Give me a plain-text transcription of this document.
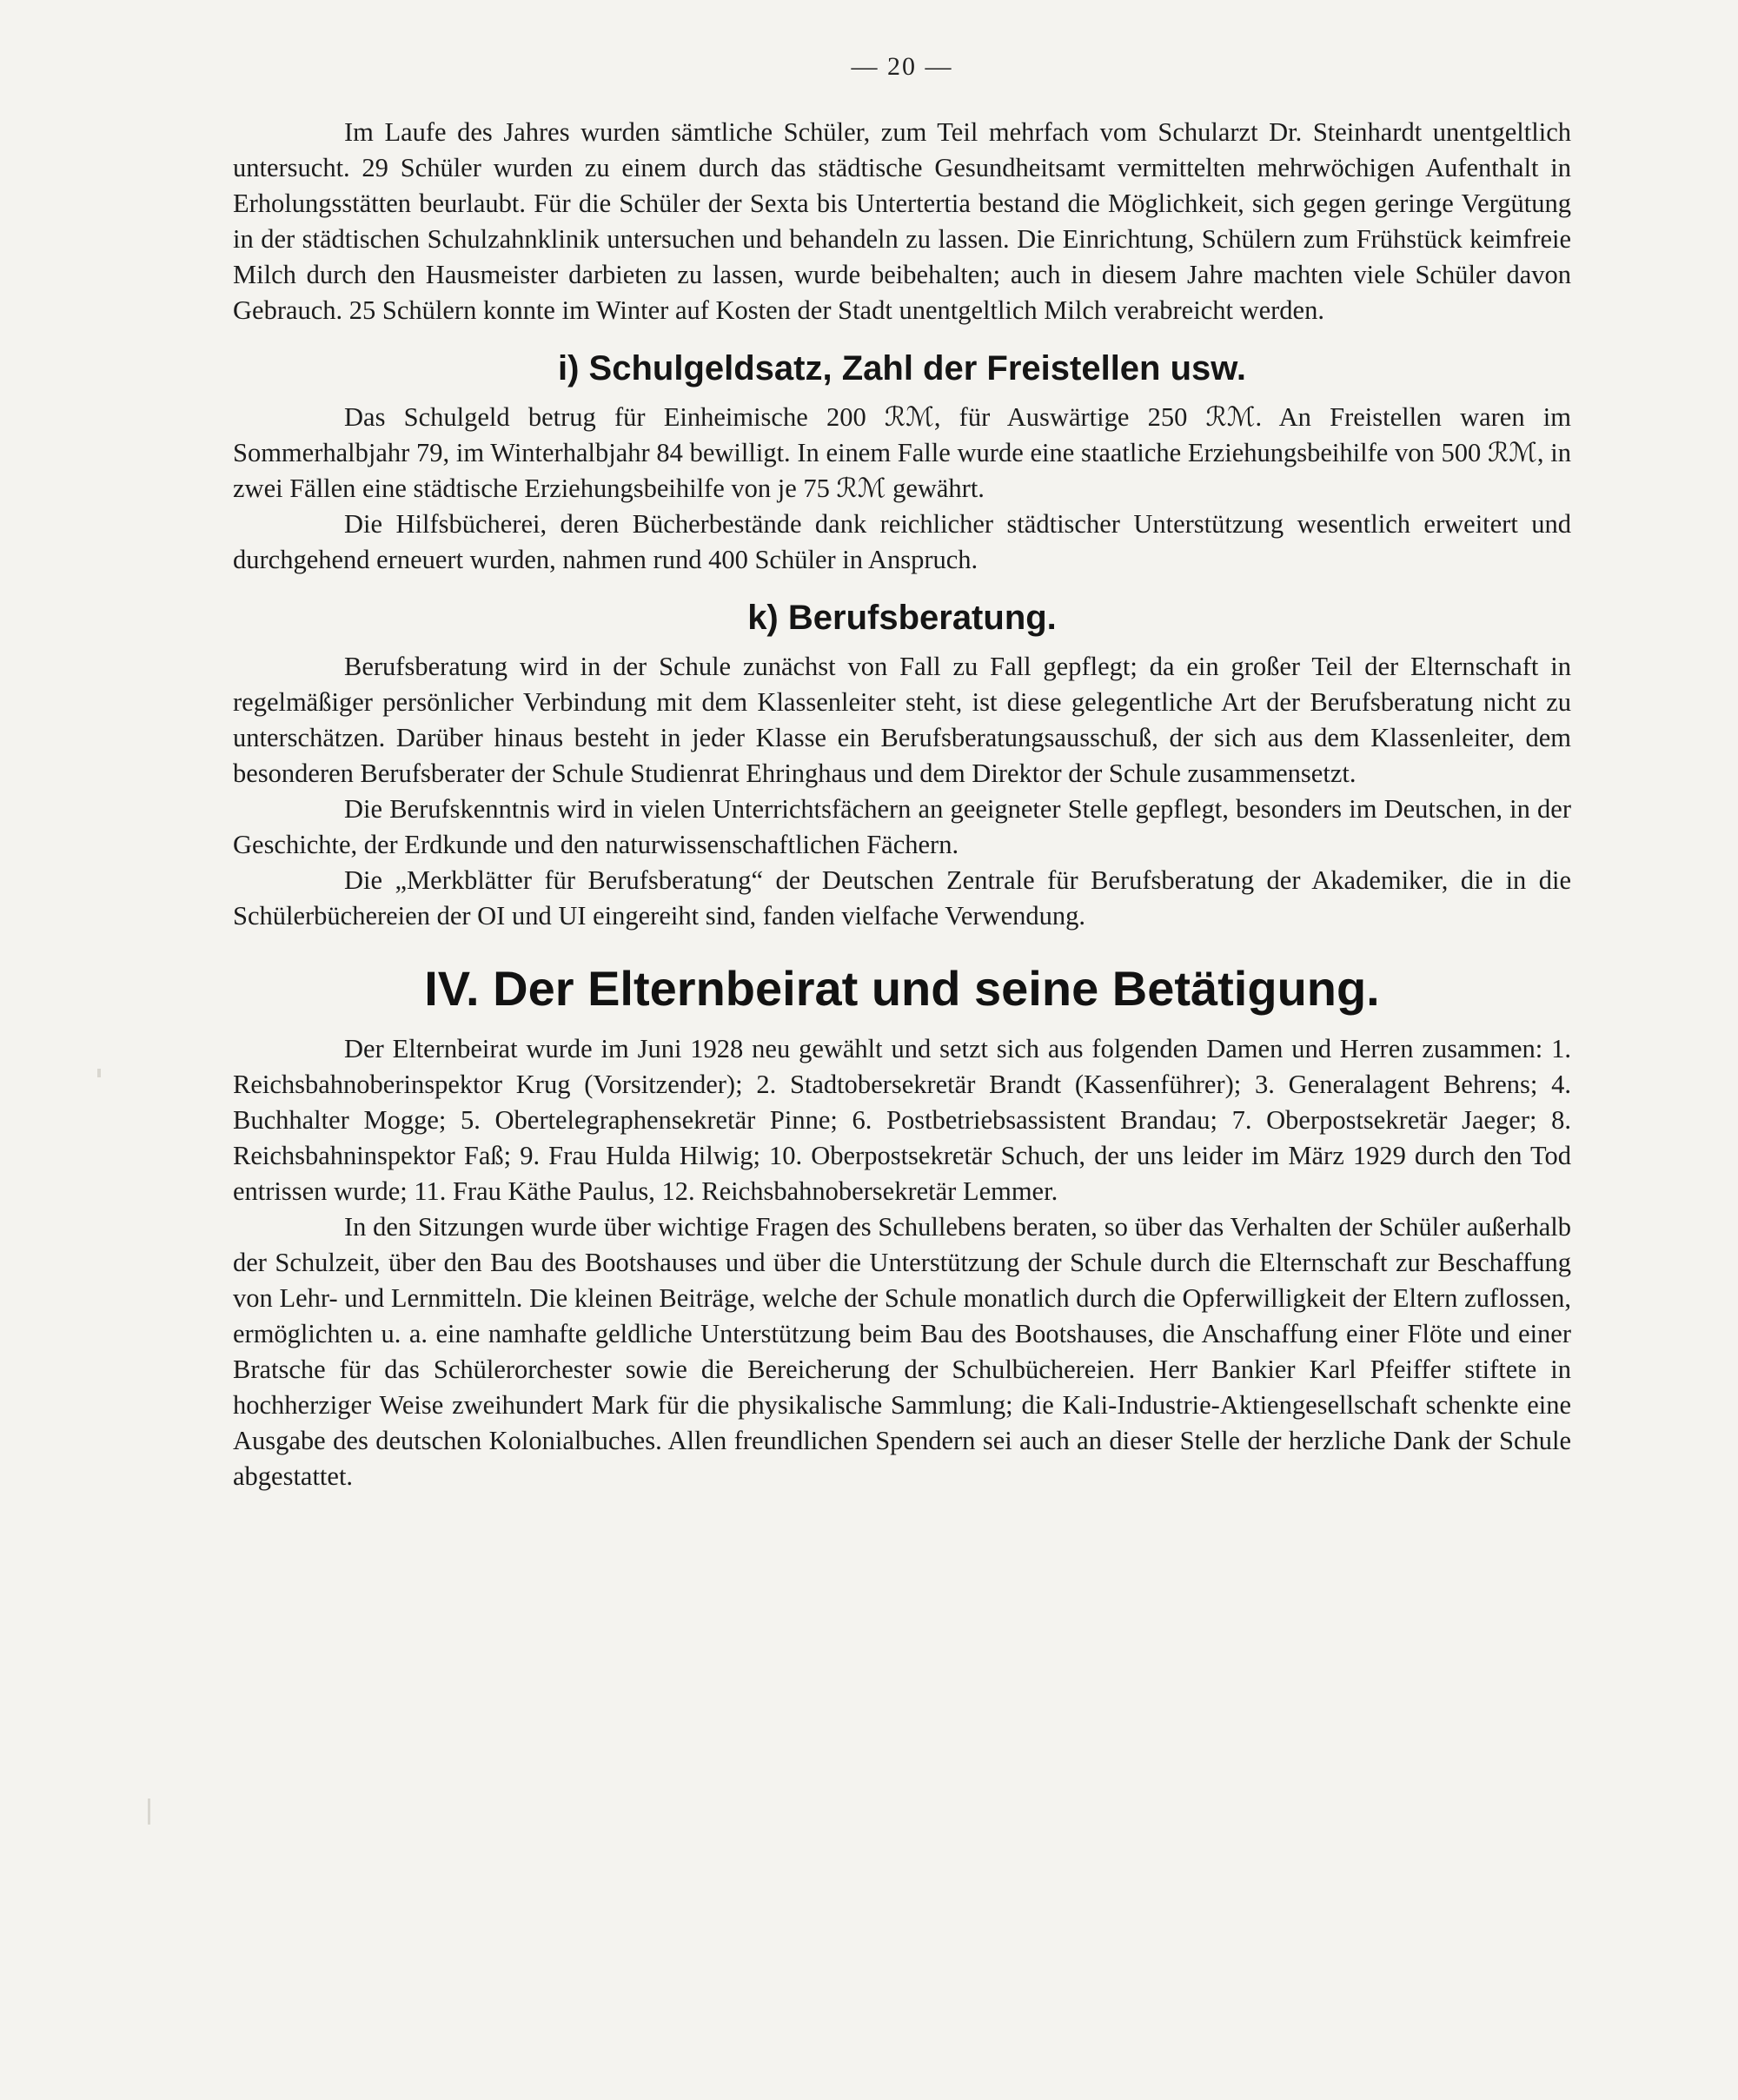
— 20 —

Im Laufe des Jahres wurden sämtliche Schüler, zum Teil mehrfach vom Schularzt Dr. Steinhardt unentgeltlich untersucht. 29 Schüler wurden zu einem durch das städtische Gesundheitsamt vermittelten mehrwöchigen Aufenthalt in Erholungsstätten beurlaubt. Für die Schüler der Sexta bis Untertertia bestand die Möglichkeit, sich gegen geringe Vergütung in der städtischen Schulzahnklinik untersuchen und behandeln zu lassen. Die Einrichtung, Schülern zum Frühstück keimfreie Milch durch den Hausmeister darbieten zu lassen, wurde beibehalten; auch in diesem Jahre machten viele Schüler davon Gebrauch. 25 Schülern konnte im Winter auf Kosten der Stadt unentgeltlich Milch verabreicht werden.

i) Schulgeldsatz, Zahl der Freistellen usw.

Das Schulgeld betrug für Einheimische 200 ℛℳ, für Auswärtige 250 ℛℳ. An Freistellen waren im Sommerhalbjahr 79, im Winterhalbjahr 84 bewilligt. In einem Falle wurde eine staatliche Erziehungsbeihilfe von 500 ℛℳ, in zwei Fällen eine städtische Erziehungsbeihilfe von je 75 ℛℳ gewährt.

Die Hilfsbücherei, deren Bücherbestände dank reichlicher städtischer Unterstützung wesentlich erweitert und durchgehend erneuert wurden, nahmen rund 400 Schüler in Anspruch.

k) Berufsberatung.

Berufsberatung wird in der Schule zunächst von Fall zu Fall gepflegt; da ein großer Teil der Elternschaft in regelmäßiger persönlicher Verbindung mit dem Klassenleiter steht, ist diese gelegentliche Art der Berufsberatung nicht zu unterschätzen. Darüber hinaus besteht in jeder Klasse ein Berufsberatungsausschuß, der sich aus dem Klassenleiter, dem besonderen Berufsberater der Schule Studienrat Ehringhaus und dem Direktor der Schule zusammensetzt.

Die Berufskenntnis wird in vielen Unterrichtsfächern an geeigneter Stelle gepflegt, besonders im Deutschen, in der Geschichte, der Erdkunde und den naturwissenschaftlichen Fächern.

Die „Merkblätter für Berufsberatung“ der Deutschen Zentrale für Berufsberatung der Akademiker, die in die Schülerbüchereien der OI und UI eingereiht sind, fanden vielfache Verwendung.

IV. Der Elternbeirat und seine Betätigung.

Der Elternbeirat wurde im Juni 1928 neu gewählt und setzt sich aus folgenden Damen und Herren zusammen: 1. Reichsbahnoberinspektor Krug (Vorsitzender); 2. Stadtobersekretär Brandt (Kassenführer); 3. Generalagent Behrens; 4. Buchhalter Mogge; 5. Obertelegraphensekretär Pinne; 6. Postbetriebsassistent Brandau; 7. Oberpostsekretär Jaeger; 8. Reichsbahninspektor Faß; 9. Frau Hulda Hilwig; 10. Oberpostsekretär Schuch, der uns leider im März 1929 durch den Tod entrissen wurde; 11. Frau Käthe Paulus, 12. Reichsbahnobersekretär Lemmer.

In den Sitzungen wurde über wichtige Fragen des Schullebens beraten, so über das Verhalten der Schüler außerhalb der Schulzeit, über den Bau des Bootshauses und über die Unterstützung der Schule durch die Elternschaft zur Beschaffung von Lehr- und Lernmitteln. Die kleinen Beiträge, welche der Schule monatlich durch die Opferwilligkeit der Eltern zuflossen, ermöglichten u. a. eine namhafte geldliche Unterstützung beim Bau des Bootshauses, die Anschaffung einer Flöte und einer Bratsche für das Schülerorchester sowie die Bereicherung der Schulbüchereien. Herr Bankier Karl Pfeiffer stiftete in hochherziger Weise zweihundert Mark für die physikalische Sammlung; die Kali-Industrie-Aktiengesellschaft schenkte eine Ausgabe des deutschen Kolonialbuches. Allen freundlichen Spendern sei auch an dieser Stelle der herzliche Dank der Schule abgestattet.
